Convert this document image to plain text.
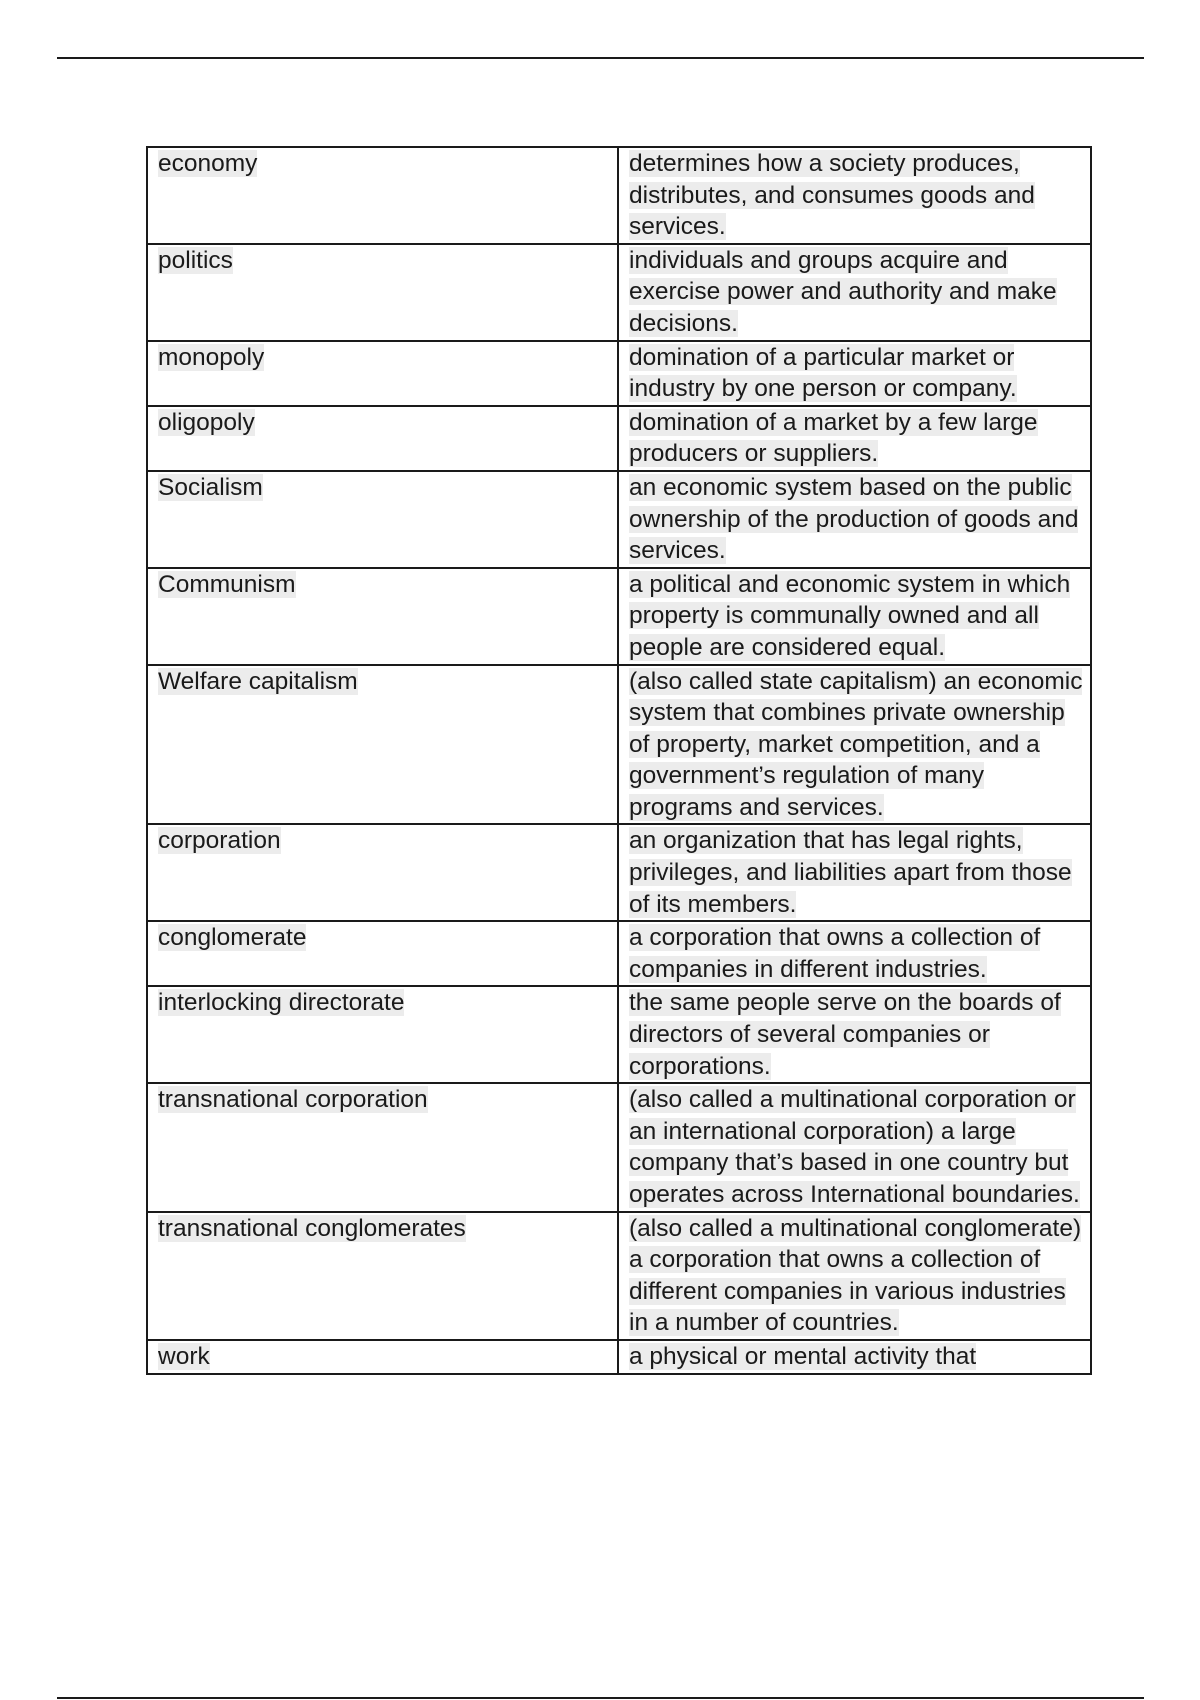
economy	determines how a society produces, distributes, and consumes goods and services.
politics	individuals and groups acquire and exercise power and authority and make decisions.
monopoly	domination of a particular market or industry by one person or company.
oligopoly	domination of a market by a few large producers or suppliers.
Socialism	an economic system based on the public ownership of the production of goods and services.
Communism	a political and economic system in which property is communally owned and all people are considered equal.
Welfare capitalism	(also called state capitalism) an economic system that combines private ownership of property, market competition, and a government’s regulation of many programs and services.
corporation	an organization that has legal rights, privileges, and liabilities apart from those of its members.
conglomerate	a corporation that owns a collection of companies in different industries.
interlocking directorate	the same people serve on the boards of directors of several companies or corporations.
transnational corporation	(also called a multinational corporation or an international corporation) a large company that’s based in one country but operates across International boundaries.
transnational conglomerates	(also called a multinational conglomerate) a corporation that owns a collection of different companies in various industries in a number of countries.
work	a physical or mental activity that
